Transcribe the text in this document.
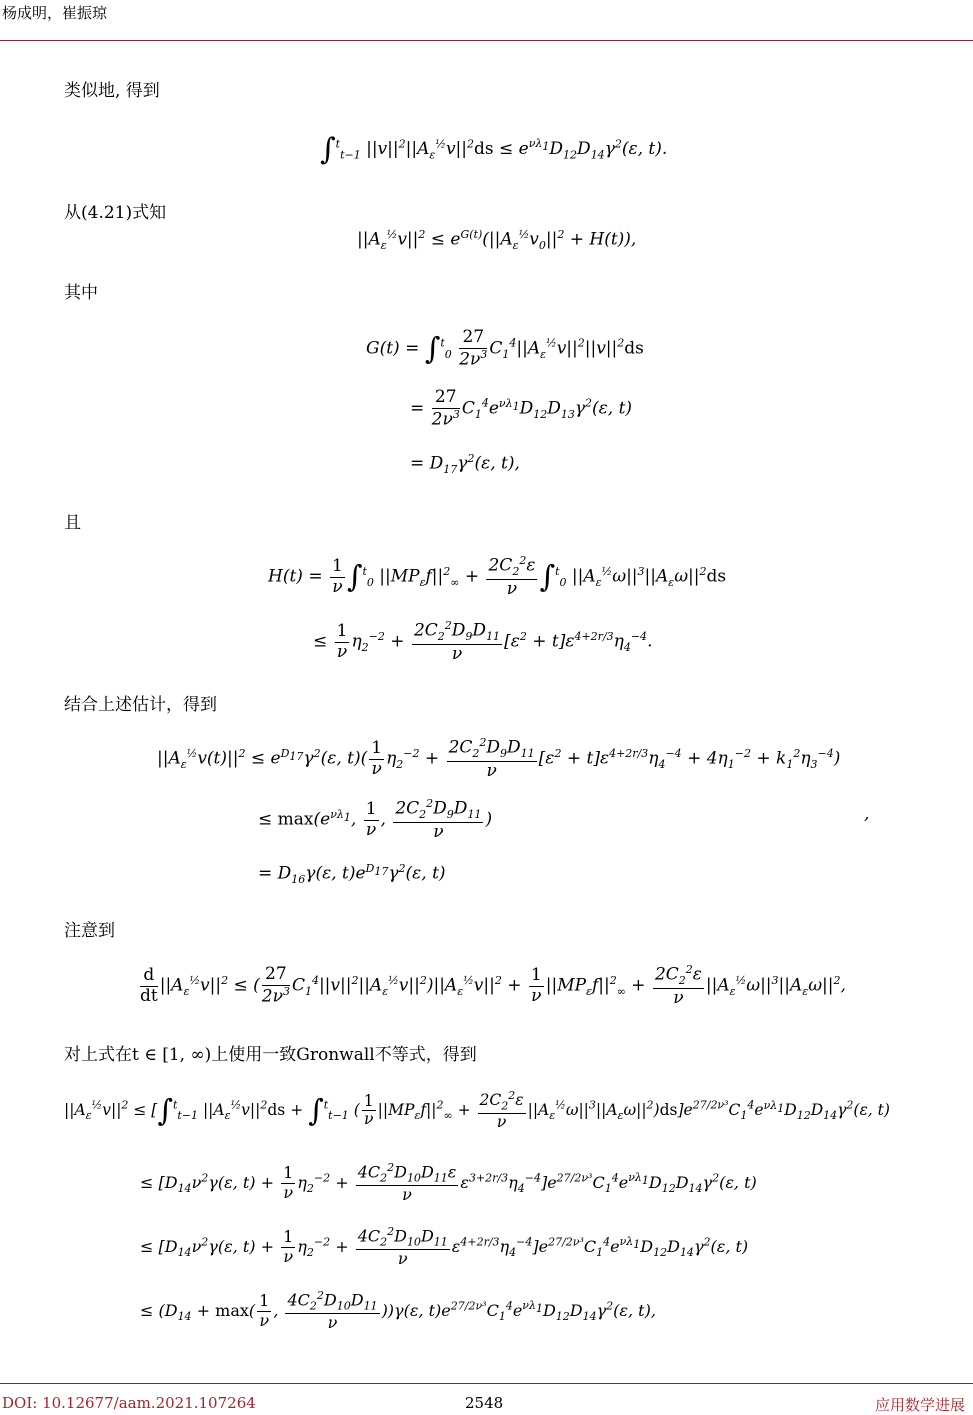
杨成明，崔振琼
类似地, 得到
∫$^t_{t-1}$ $||v||^2||A_\varepsilon^{\frac{1}{2}}v||^2ds \le e^{\nu\lambda_1}D_{12}D_{14}\gamma^2(\varepsilon$, t).
从(4.21)式知
$||A_\varepsilon^{\frac{1}{2}}v||^2 \le e^{G(t)}(||A_\varepsilon^{\frac{1}{2}}v_0||^2 + H(t))$,
其中
$G(t) = \int^t_0 \frac{27}{2\nu^3} C_1^4||A_\varepsilon^{\frac{1}{2}}v||^2||v||^2ds$
= $\frac{27}{2\nu^3} C_1^4e^{\nu\lambda_1}D_{12}D_{13}\gamma^2(\varepsilon$, t)
= $D_{17}\gamma^2(\varepsilon$, t),
且
$H(t) = \frac{1}{\nu} \int^t_0$ $||MP_\varepsilon f||^2_\infty + \frac{2C_2^2\varepsilon}{\nu} \int^t_0$ $||A_\varepsilon^{\frac{1}{2}}\omega||^3||A_\varepsilon\omega||^2ds$
≤ $\frac{1}{\nu} \eta_2^{-2} + \frac{2C_2^2D_9D_{11}}{\nu} [\varepsilon^2 + t]\varepsilon^{4+2r/3}\eta_4^{-4}$.
结合上述估计，得到
$||A_\varepsilon^{\frac{1}{2}}v(t)||^2 \le e^{D_{17}}\gamma^2(\varepsilon$, $t)( \frac{1}{\nu} \eta_2^{-2} + \frac{2C_2^2D_9D_{11}}{\nu} [\varepsilon^2 + t]\varepsilon^{4+2r/3}\eta_4^{-4} + 4\eta_1^{-2} + k_1^2\eta_3^{-4})$
≤ $\max(e^{\nu\lambda_1}$, $\frac{1}{\nu}$ , $\frac{2C_2^2D_9D_{11}}{\nu}$ )	,
= $D_{16}\gamma(\varepsilon$, $t)e^{D_{17}}\gamma^2(\varepsilon$, t)
注意到
$\frac{d}{dt} ||A_\varepsilon^{\frac{1}{2}}v||^2$ ≤ ( $\frac{27}{2\nu^3} C_1^4||v||^2||A_\varepsilon^{\frac{1}{2}}v||^2)||A_\varepsilon^{\frac{1}{2}}v||^2 + \frac{1}{\nu} ||MP_\varepsilon f||^2_\infty + \frac{2C_2^2\varepsilon}{\nu} ||A_\varepsilon^{\frac{1}{2}}\omega||^3||A_\varepsilon\omega||^2$,
对上式在t ∈ [1, ∞)上使用一致Gronwall不等式，得到
$||A_\varepsilon^{\frac{1}{2}}v||^2 \le [\int^t_{t-1}$ $||A_\varepsilon^{\frac{1}{2}}v||^2ds + \int^t_{t-1}$ ( $\frac{1}{\nu} ||MP_\varepsilon f||^2_\infty + \frac{2C_2^2\varepsilon}{\nu} ||A_\varepsilon^{\frac{1}{2}}\omega||^3||A_\varepsilon\omega||^2)ds]e^{27/2\nu^3}C_1^4e^{\nu\lambda_1}D_{12}D_{14}\gamma^2(\varepsilon$, t)
≤ [$D_{14}\nu^2\gamma(\varepsilon$, $t) + \frac{1}{\nu} \eta_2^{-2} + \frac{4C_2^2D_{10}D_{11}\varepsilon}{\nu} \varepsilon^{3+2r/3}\eta_4^{-4}]e^{27/2\nu^3}C_1^4e^{\nu\lambda_1}D_{12}D_{14}\gamma^2(\varepsilon$, t)
≤ [$D_{14}\nu^2\gamma(\varepsilon$, $t) + \frac{1}{\nu} \eta_2^{-2} + \frac{4C_2^2D_{10}D_{11}}{\nu} \varepsilon^{4+2r/3}\eta_4^{-4}]e^{27/2\nu^3}C_1^4e^{\nu\lambda_1}D_{12}D_{14}\gamma^2(\varepsilon$, t)
≤ ($D_{14} + \max( \frac{1}{\nu}$ , $\frac{4C_2^2D_{10}D_{11}}{\nu} ))\gamma(\varepsilon$, $t)e^{27/2\nu^3}C_1^4e^{\nu\lambda_1}D_{12}D_{14}\gamma^2(\varepsilon$, t),
DOI: 10.12677/aam.2021.107264	2548	应用数学进展
